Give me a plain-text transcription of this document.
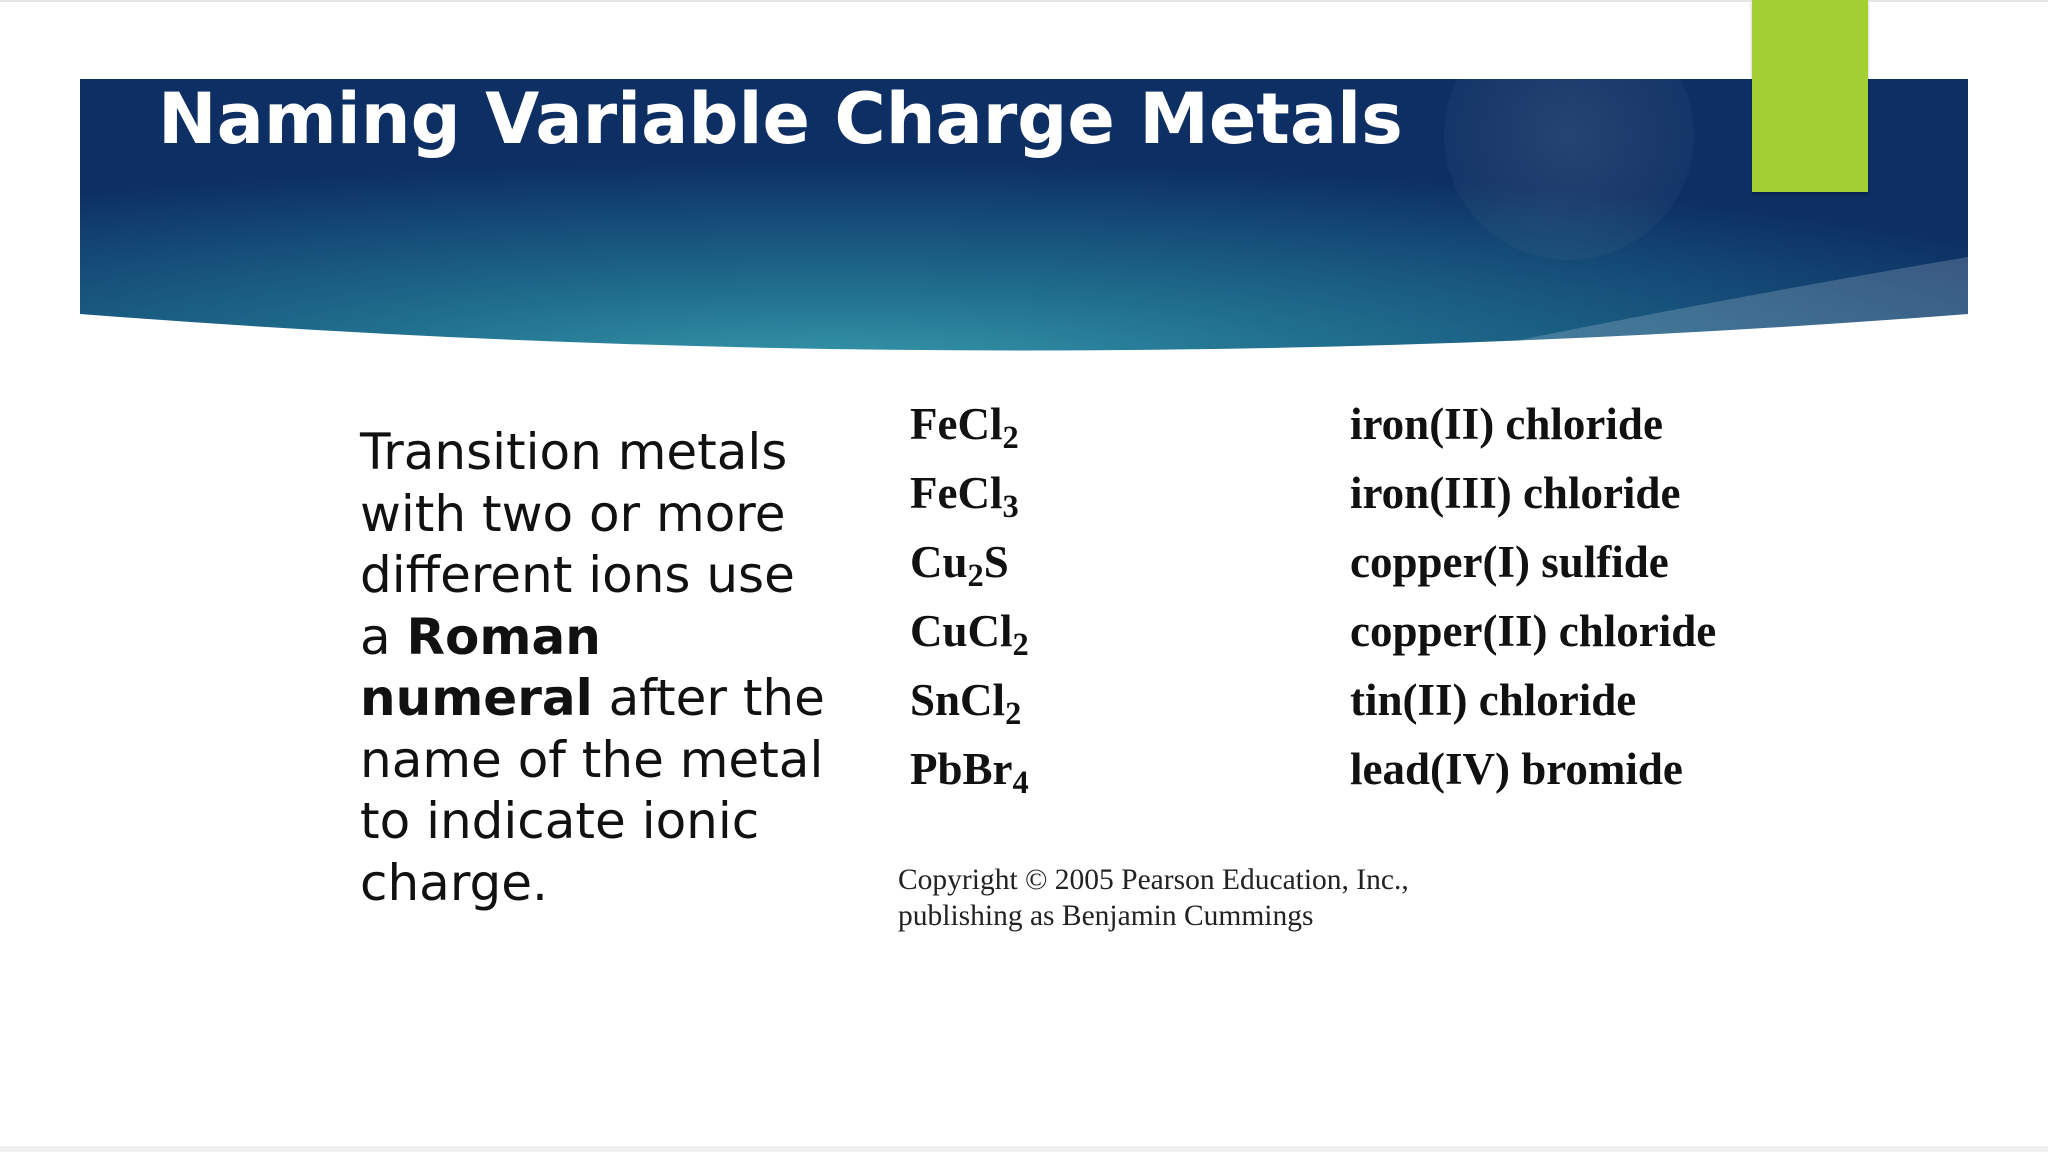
Naming Variable Charge Metals

Transition metals with two or more different ions use a Roman numeral after the name of the metal to indicate ionic charge.

FeCl$_2$	iron(II) chloride
FeCl$_3$	iron(III) chloride
$Cu_2S$	copper(I) sulfide
CuCl$_2$	copper(II) chloride
SnCl$_2$	tin(II) chloride
PbBr$_4$	lead(IV) bromide
Copyright © 2005 Pearson Education, Inc.,
publishing as Benjamin Cummings
